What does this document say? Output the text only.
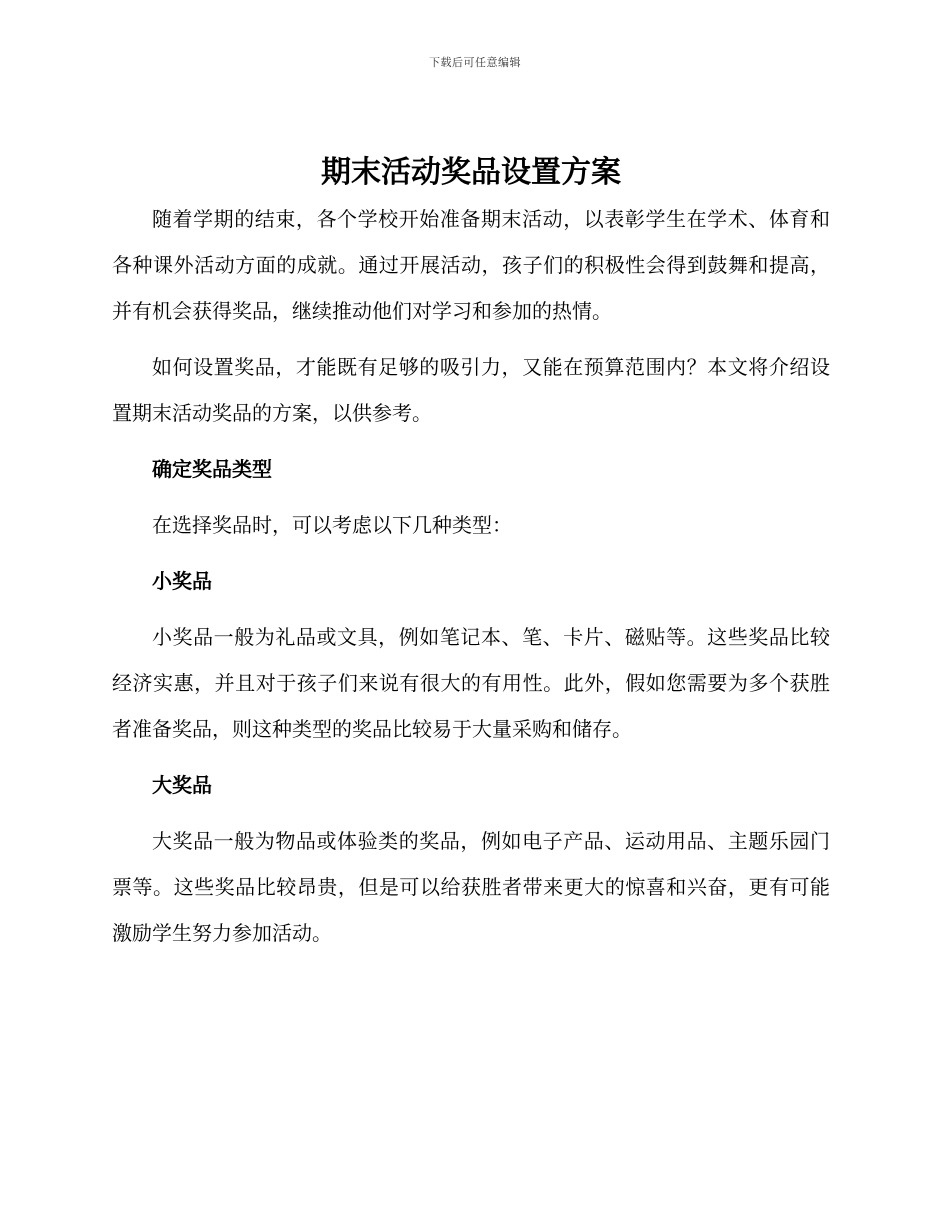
下载后可任意编辑
期末活动奖品设置方案

随着学期的结束，各个学校开始准备期末活动，以表彰学生在学术、体育和各种课外活动方面的成就。通过开展活动，孩子们的积极性会得到鼓舞和提高，并有机会获得奖品，继续推动他们对学习和参加的热情。

如何设置奖品，才能既有足够的吸引力，又能在预算范围内？本文将介绍设置期末活动奖品的方案，以供参考。

确定奖品类型

在选择奖品时，可以考虑以下几种类型：

小奖品

小奖品一般为礼品或文具，例如笔记本、笔、卡片、磁贴等。这些奖品比较经济实惠，并且对于孩子们来说有很大的有用性。此外，假如您需要为多个获胜者准备奖品，则这种类型的奖品比较易于大量采购和储存。

大奖品

大奖品一般为物品或体验类的奖品，例如电子产品、运动用品、主题乐园门票等。这些奖品比较昂贵，但是可以给获胜者带来更大的惊喜和兴奋，更有可能激励学生努力参加活动。
